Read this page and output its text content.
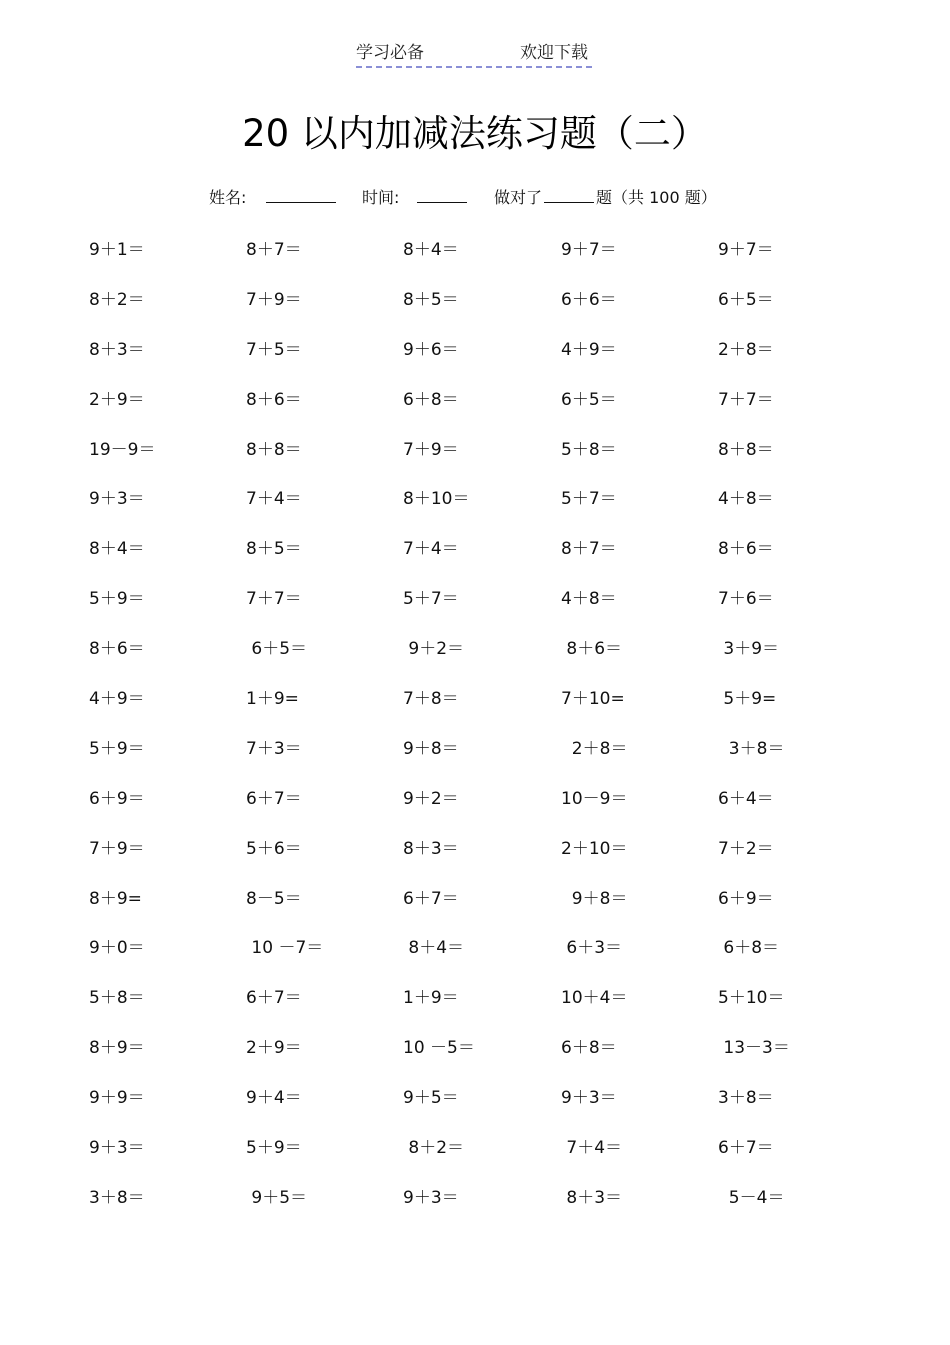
学习必备	欢迎下载
20 以内加减法练习题（二）
姓名:	时间:	做对了	题（共 100 题）
9＋1＝	8＋7＝	8＋4＝	9＋7＝	9＋7＝
8＋2＝	7＋9＝	8＋5＝	6＋6＝	6＋5＝
8＋3＝	7＋5＝	9＋6＝	4＋9＝	2＋8＝
2＋9＝	8＋6＝	6＋8＝	6＋5＝	7＋7＝
19－9＝	8＋8＝	7＋9＝	5＋8＝	8＋8＝
9＋3＝	7＋4＝	8＋10＝	5＋7＝	4＋8＝
8＋4＝	8＋5＝	7＋4＝	8＋7＝	8＋6＝
5＋9＝	7＋7＝	5＋7＝	4＋8＝	7＋6＝
8＋6＝	6＋5＝	9＋2＝	8＋6＝	3＋9＝
4＋9＝	1＋9=	7＋8＝	7＋10=	5＋9=
5＋9＝	7＋3＝	9＋8＝	2＋8＝	3＋8＝
6＋9＝	6＋7＝	9＋2＝	10－9＝	6＋4＝
7＋9＝	5＋6＝	8＋3＝	2＋10＝	7＋2＝
8＋9=	8－5＝	6＋7＝	9＋8＝	6＋9＝
9＋0＝	10 －7＝	8＋4＝	6＋3＝	6＋8＝
5＋8＝	6＋7＝	1＋9＝	10＋4＝	5＋10＝
8＋9＝	2＋9＝	10 －5＝	6＋8＝	13－3＝
9＋9＝	9＋4＝	9＋5＝	9＋3＝	3＋8＝
9＋3＝	5＋9＝	8＋2＝	7＋4＝	6＋7＝
3＋8＝	9＋5＝	9＋3＝	8＋3＝	5－4＝
